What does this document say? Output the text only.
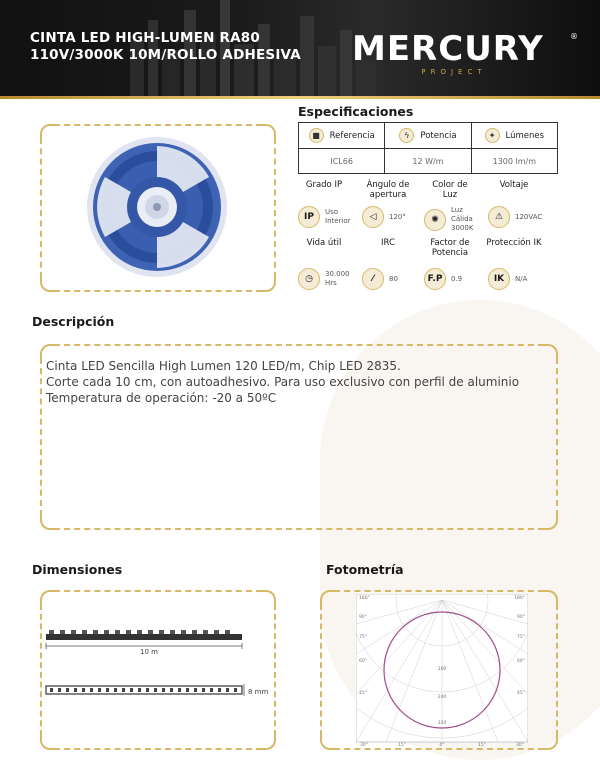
CINTA LED HIGH-LUMEN RA80
110V/3000K 10M/ROLLO ADHESIVA MERCURY	®
PROJECT
Especificaciones
■	Referencia	ϟ	Potencia	✦	Lúmenes
ICL66	12 W/m	1300 lm/m
Grado IP
IP	Uso
Interior
Ángulo de
apertura
◁	120°
Color de
Luz
✺
Luz
Cálida
3000K
Voltaje
⚠	120VAC
Vida útil
◷	30.000
Hrs
IRC
⁄	80
Factor de
Potencia
F.P	0.9
Protección IK
IK	N/A
Descripción
Cinta LED Sencilla High Lumen 120 LED/m, Chip LED 2835.
Corte cada 10 cm, con autoadhesivo. Para uso exclusivo con perfil de aluminio
Temperatura de operación: -20 a 50ºC
Dimensiones
10 m
8 mm
Fotometría
180°
90°
75°
60°
45°
180°
90°
75°
60°
45°
30°	15°	0°	15°	30°
160
240
320
